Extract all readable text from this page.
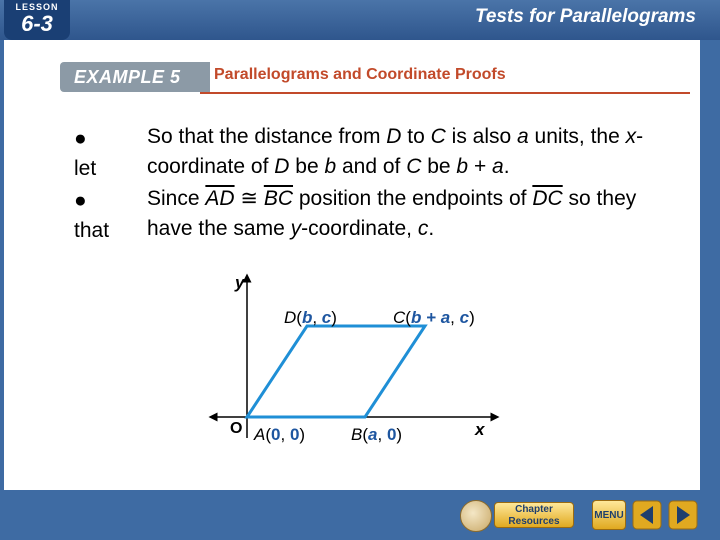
LESSON
6-3	Tests for Parallelograms
EXAMPLE 5 Parallelograms and Coordinate Proofs
●
let
●
that
So that the distance from D to C is also a units, the x-coordinate of D be b and of C be b + a.
Since $\overline{AD}$ ≅ $\overline{BC}$ position the endpoints of $\overline{DC}$ so they have the same y-coordinate, c.
y
x
O A(0, 0)	B(a, 0)
D(b, c)	C(b + a, c)
Chapter
Resources
MENU
